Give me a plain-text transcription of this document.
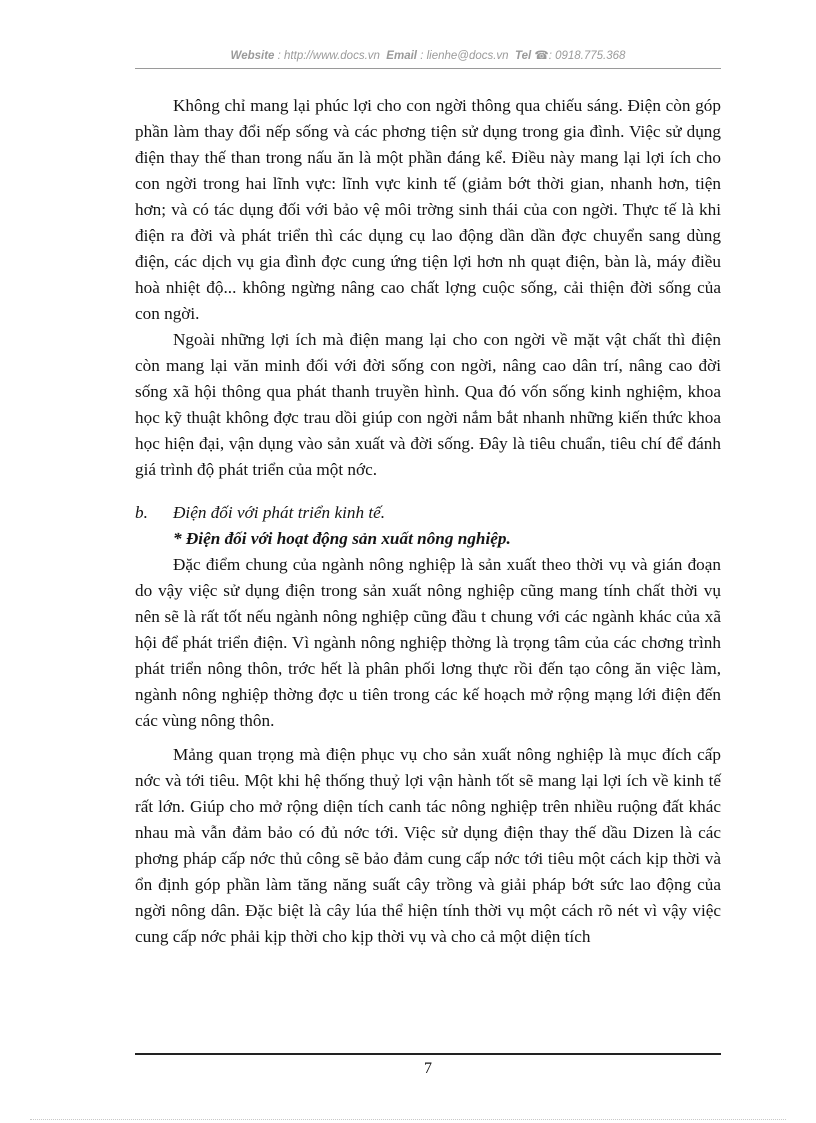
Website : http://www.docs.vn Email : lienhe@docs.vn Tel ☎: 0918.775.368

Không chỉ mang lại phúc lợi cho con ngời thông qua chiếu sáng. Điện còn góp phần làm thay đổi nếp sống và các phơng tiện sử dụng trong gia đình. Việc sử dụng điện thay thế than trong nấu ăn là một phần đáng kể. Điều này mang lại lợi ích cho con ngời trong hai lĩnh vực: lĩnh vực kinh tế (giảm bớt thời gian, nhanh hơn, tiện hơn; và có tác dụng đối với bảo vệ môi trờng sinh thái của con ngời. Thực tế là khi điện ra đời và phát triển thì các dụng cụ lao động dần dần đợc chuyển sang dùng điện, các dịch vụ gia đình đợc cung ứng tiện lợi hơn nh quạt điện, bàn là, máy điều hoà nhiệt độ... không ngừng nâng cao chất lợng cuộc sống, cải thiện đời sống của con ngời.

Ngoài những lợi ích mà điện mang lại cho con ngời về mặt vật chất thì điện còn mang lại văn minh đối với đời sống con ngời, nâng cao dân trí, nâng cao đời sống xã hội thông qua phát thanh truyền hình. Qua đó vốn sống kinh nghiệm, khoa học kỹ thuật không đợc trau dồi giúp con ngời nắm bắt nhanh những kiến thức khoa học hiện đại, vận dụng vào sản xuất và đời sống. Đây là tiêu chuẩn, tiêu chí để đánh giá trình độ phát triển của một nớc.

b.	Điện đối với phát triển kinh tế.

* Điện đối với hoạt động sản xuất nông nghiệp.

Đặc điểm chung của ngành nông nghiệp là sản xuất theo thời vụ và gián đoạn do vậy việc sử dụng điện trong sản xuất nông nghiệp cũng mang tính chất thời vụ nên sẽ là rất tốt nếu ngành nông nghiệp cũng đầu t chung với các ngành khác của xã hội để phát triển điện. Vì ngành nông nghiệp thờng là trọng tâm của các chơng trình phát triển nông thôn, trớc hết là phân phối lơng thực rồi đến tạo công ăn việc làm, ngành nông nghiệp thờng đợc u tiên trong các kế hoạch mở rộng mạng lới điện đến các vùng nông thôn.

Mảng quan trọng mà điện phục vụ cho sản xuất nông nghiệp là mục đích cấp nớc và tới tiêu. Một khi hệ thống thuỷ lợi vận hành tốt sẽ mang lại lợi ích về kinh tế rất lớn. Giúp cho mở rộng diện tích canh tác nông nghiệp trên nhiều ruộng đất khác nhau mà vẫn đảm bảo có đủ nớc tới. Việc sử dụng điện thay thế dầu Dizen là các phơng pháp cấp nớc thủ công sẽ bảo đảm cung cấp nớc tới tiêu một cách kịp thời và ổn định góp phần làm tăng năng suất cây trồng và giải pháp bớt sức lao động của ngời nông dân. Đặc biệt là cây lúa thể hiện tính thời vụ một cách rõ nét vì vậy việc cung cấp nớc phải kịp thời cho kịp thời vụ và cho cả một diện tích

7
